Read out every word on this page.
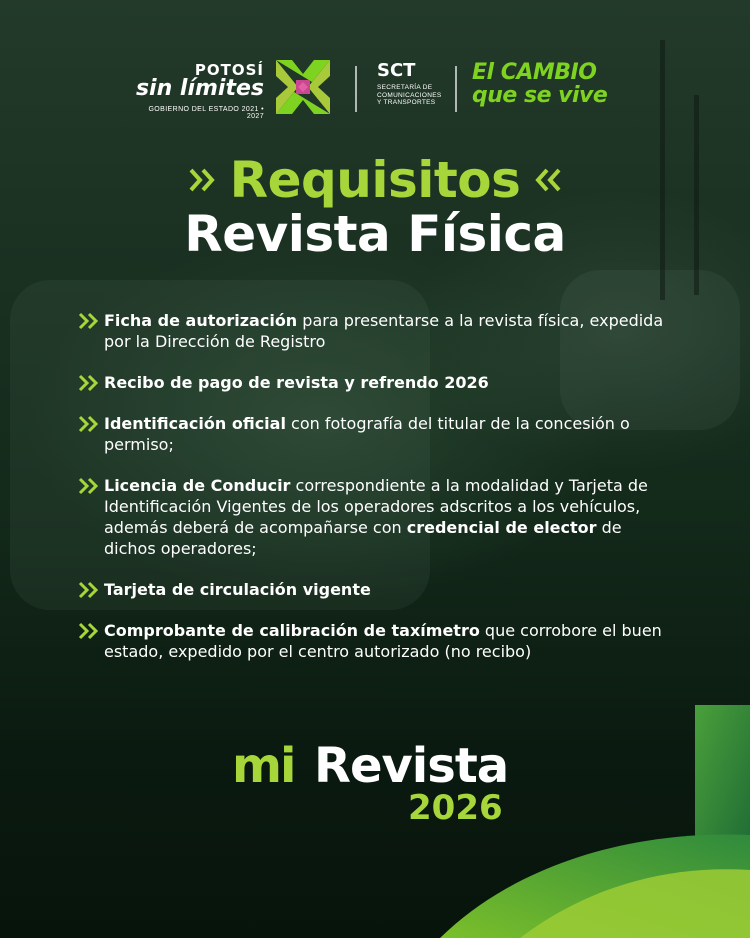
POTOSÍ
sin límites
GOBIERNO DEL ESTADO 2021 • 2027
SCT
SECRETARÍA DE
COMUNICACIONES
Y TRANSPORTES
El CAMBIO
que se vive
Requisitos
Revista Física
Ficha de autorización para presentarse a la revista física, expedida por la Dirección de Registro
Recibo de pago de revista y refrendo 2026
Identificación oficial con fotografía del titular de la concesión o permiso;
Licencia de Conducir correspondiente a la modalidad y Tarjeta de Identificación Vigentes de los operadores adscritos a los vehículos, además deberá de acompañarse con credencial de elector de dichos operadores;
Tarjeta de circulación vigente
Comprobante de calibración de taxímetro que corrobore el buen estado, expedido por el centro autorizado (no recibo)
mi Revista
2026
